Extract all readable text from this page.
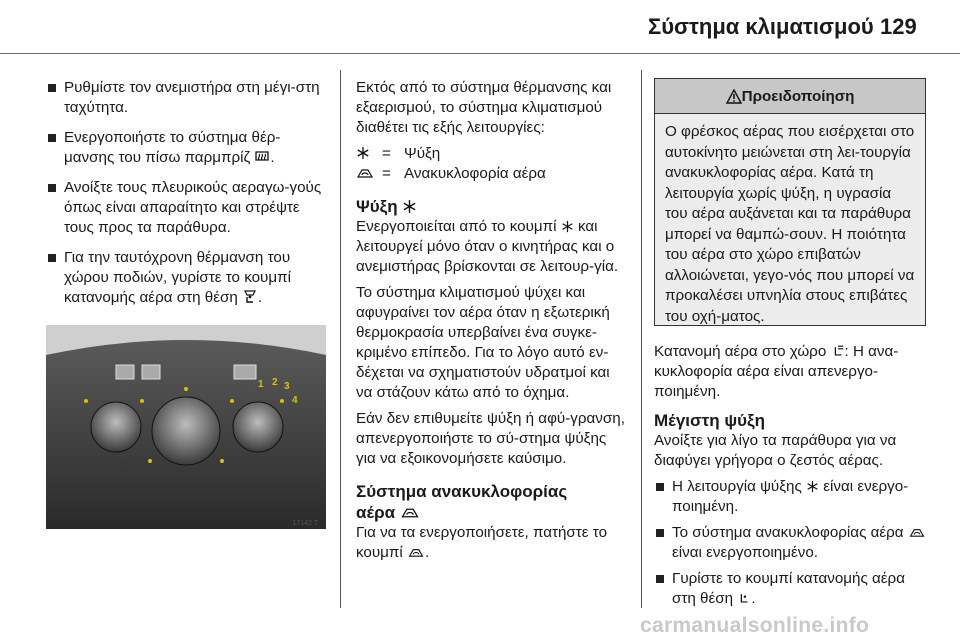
Σύστημα κλιματισμού 129
Ρυθμίστε τον ανεμιστήρα στη μέγι-στη ταχύτητα.
Ενεργοποιήστε το σύστημα θέρ-μανσης του πίσω παρμπρίζ .
Ανοίξτε τους πλευρικούς αεραγω-γούς όπως είναι απαραίτητο και στρέψτε τους προς τα παράθυρα.
Για την ταυτόχρονη θέρμανση του χώρου ποδιών, γυρίστε το κουμπί κατανομής αέρα στη θέση .
1 2 3
4
17142 T

Εκτός από το σύστημα θέρμανσης και εξαερισμού, το σύστημα κλιματισμού διαθέτει τις εξής λειτουργίες:

= Ψύξη
= Ανακυκλοφορία αέρα
Ψύξη

Ενεργοποιείται από το κουμπί και λειτουργεί μόνο όταν ο κινητήρας και ο ανεμιστήρας βρίσκονται σε λειτουρ-γία.

Το σύστημα κλιματισμού ψύχει και αφυγραίνει τον αέρα όταν η εξωτερική θερμοκρασία υπερβαίνει ένα συγκε-κριμένο επίπεδο. Για το λόγο αυτό εν-δέχεται να σχηματιστούν υδρατμοί και να στάζουν κάτω από το όχημα.

Εάν δεν επιθυμείτε ψύξη ή αφύ-γρανση, απενεργοποιήστε το σύ-στημα ψύξης για να εξοικονομήσετε καύσιμο.

Σύστημα ανακυκλοφορίας
αέρα

Για να τα ενεργοποιήσετε, πατήστε το κουμπί .

Προειδοποίηση
Ο φρέσκος αέρας που εισέρχεται στο αυτοκίνητο μειώνεται στη λει-τουργία ανακυκλοφορίας αέρα. Κατά τη λειτουργία χωρίς ψύξη, η υγρασία του αέρα αυξάνεται και τα παράθυρα μπορεί να θαμπώ-σουν. Η ποιότητα του αέρα στο χώρο επιβατών αλλοιώνεται, γεγο-νός που μπορεί να προκαλέσει υπνηλία στους επιβάτες του οχή-ματος.

Κατανομή αέρα στο χώρο : Η ανα-κυκλοφορία αέρα είναι απενεργο-ποιημένη.

Μέγιστη ψύξη

Ανοίξτε για λίγο τα παράθυρα για να διαφύγει γρήγορα ο ζεστός αέρας.

Η λειτουργία ψύξης είναι ενεργο-ποιημένη.
Το σύστημα ανακυκλοφορίας αέρα  είναι ενεργοποιημένο.
Γυρίστε το κουμπί κατανομής αέρα στη θέση .
carmanualsonline.info
